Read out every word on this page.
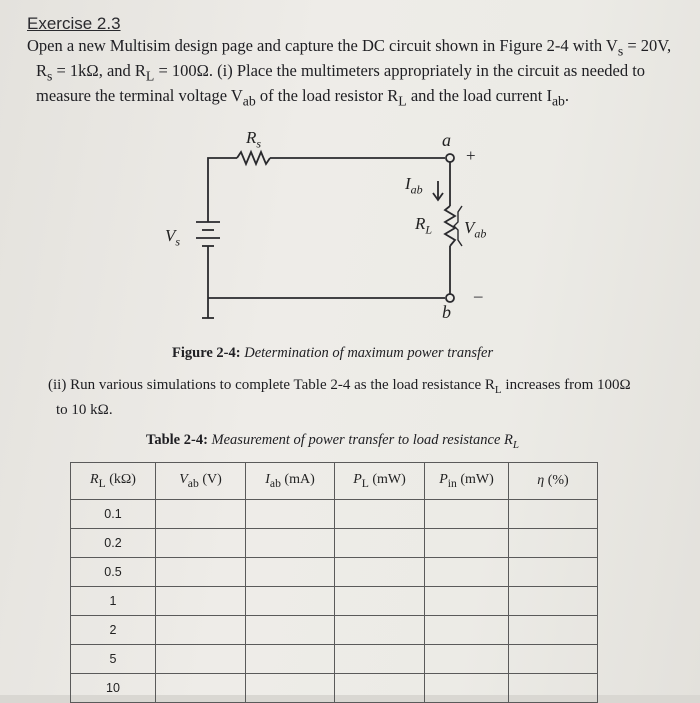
Exercise 2.3
Open a new Multisim design page and capture the DC circuit shown in Figure 2-4 with $V_s = 20V$,
$R_s = 1k\Omega$, and $R_L = 100\Omega$. (i) Place the multimeters appropriately in the circuit as needed to
measure the terminal voltage $V_{ab}$ of the load resistor $R_L$ and the load current $I_{ab}$.
$R_s$
$V_s$
a
+
$I_{ab}$
$R_L$ $V_{ab}$
–
b
Figure 2-4: Determination of maximum power transfer
(ii) Run various simulations to complete Table 2-4 as the load resistance $R_L$ increases from 100Ω
to 10 kΩ.
Table 2-4: Measurement of power transfer to load resistance $R_L$
$R_L$ (kΩ)	$V_{ab}$ (V)	$I_{ab}$ (mA)	$P_L$ (mW)	$P_{in}$ (mW)	η (%)
0.1					
0.2					
0.5					
1					
2					
5					
10					
